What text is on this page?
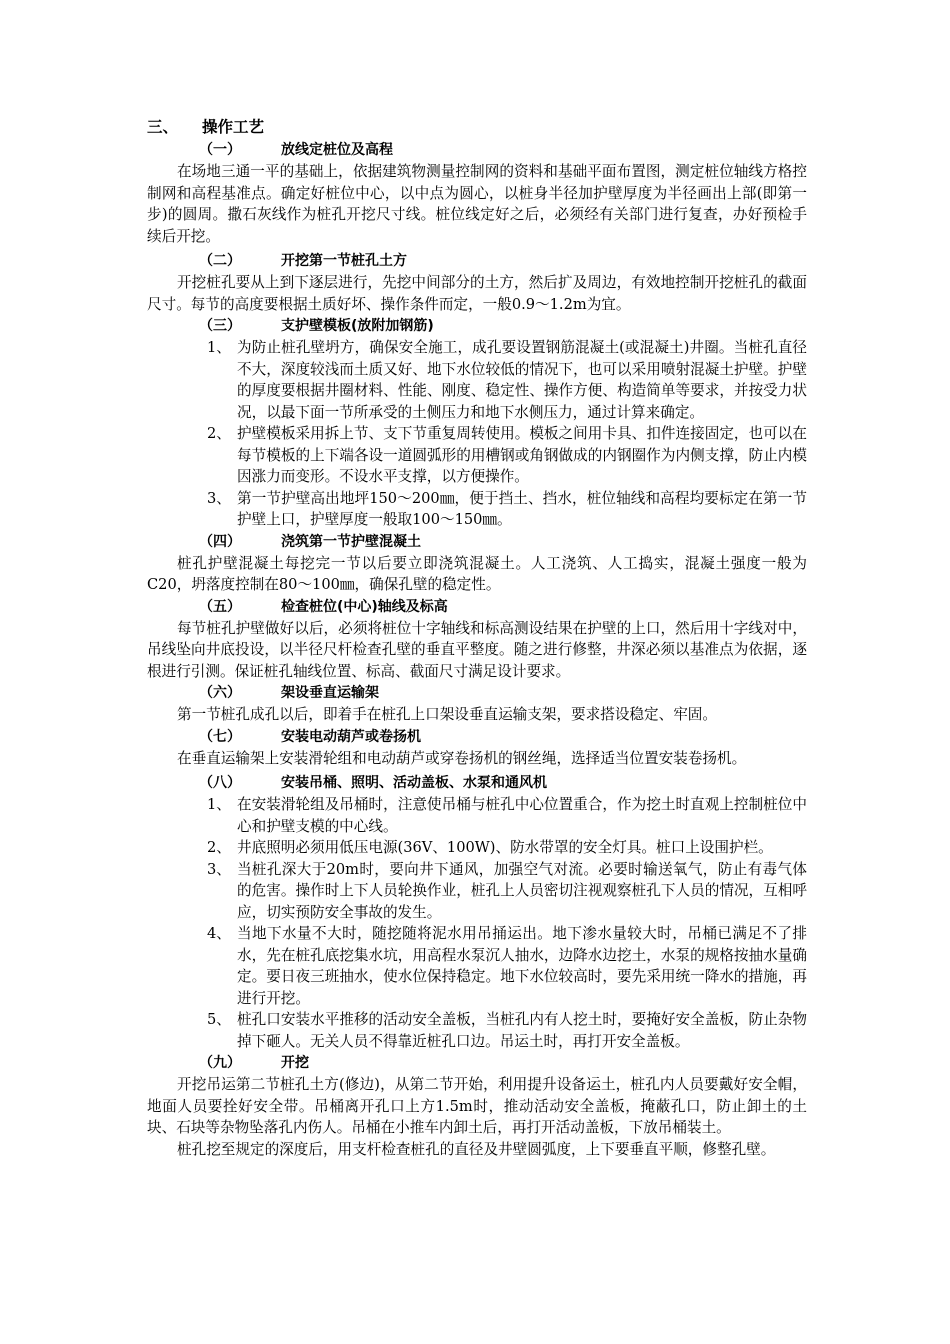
三、 操作工艺
（一）	放线定桩位及高程

在场地三通一平的基础上，依据建筑物测量控制网的资料和基础平面布置图，测定桩位轴线方格控制网和高程基准点。确定好桩位中心，以中点为圆心，以桩身半径加护壁厚度为半径画出上部(即第一步)的圆周。撒石灰线作为桩孔开挖尺寸线。桩位线定好之后，必须经有关部门进行复查，办好预检手续后开挖。

（二）	开挖第一节桩孔土方

开挖桩孔要从上到下逐层进行，先挖中间部分的土方，然后扩及周边，有效地控制开挖桩孔的截面尺寸。每节的高度要根据土质好坏、操作条件而定，一般0.9～1.2m为宜。

（三）	支护壁模板(放附加钢筋)
1、 为防止桩孔壁坍方，确保安全施工，成孔要设置钢筋混凝土(或混凝土)井圈。当桩孔直径不大，深度较浅而土质又好、地下水位较低的情况下，也可以采用喷射混凝土护壁。护壁的厚度要根据井圈材料、性能、刚度、稳定性、操作方便、构造简单等要求，并按受力状况，以最下面一节所承受的土侧压力和地下水侧压力，通过计算来确定。
2、 护壁模板采用拆上节、支下节重复周转使用。模板之间用卡具、扣件连接固定，也可以在每节模板的上下端各设一道圆弧形的用槽钢或角钢做成的内钢圈作为内侧支撑，防止内模因涨力而变形。不设水平支撑，以方便操作。
3、 第一节护壁高出地坪150～200㎜，便于挡土、挡水，桩位轴线和高程均要标定在第一节护壁上口，护壁厚度一般取100～150㎜。
（四）	浇筑第一节护壁混凝土

桩孔护壁混凝土每挖完一节以后要立即浇筑混凝土。人工浇筑、人工捣实，混凝土强度一般为C20，坍落度控制在80～100㎜，确保孔壁的稳定性。

（五）	检查桩位(中心)轴线及标高

每节桩孔护壁做好以后，必须将桩位十字轴线和标高测设结果在护壁的上口，然后用十字线对中，吊线坠向井底投设，以半径尺杆检查孔壁的垂直平整度。随之进行修整，井深必须以基准点为依据，逐根进行引测。保证桩孔轴线位置、标高、截面尺寸满足设计要求。

（六）	架设垂直运输架

第一节桩孔成孔以后，即着手在桩孔上口架设垂直运输支架，要求搭设稳定、牢固。

（七）	安装电动葫芦或卷扬机

在垂直运输架上安装滑轮组和电动葫芦或穿卷扬机的钢丝绳，选择适当位置安装卷扬机。

（八）	安装吊桶、照明、活动盖板、水泵和通风机
1、 在安装滑轮组及吊桶时，注意使吊桶与桩孔中心位置重合，作为挖土时直观上控制桩位中心和护壁支模的中心线。
2、 井底照明必须用低压电源(36Ⅴ、100W)、防水带罩的安全灯具。桩口上设围护栏。
3、 当桩孔深大于20m时，要向井下通风，加强空气对流。必要时输送氧气，防止有毒气体的危害。操作时上下人员轮换作业，桩孔上人员密切注视观察桩孔下人员的情况，互相呼应，切实预防安全事故的发生。
4、 当地下水量不大时，随挖随将泥水用吊捅运出。地下渗水量较大时，吊桶已满足不了排水，先在桩孔底挖集水坑，用高程水泵沉人抽水，边降水边挖土，水泵的规格按抽水量确定。要日夜三班抽水，使水位保持稳定。地下水位较高时，要先采用统一降水的措施，再进行开挖。
5、 桩孔口安装水平推移的活动安全盖板，当桩孔内有人挖土时，要掩好安全盖板，防止杂物掉下砸人。无关人员不得靠近桩孔口边。吊运土时，再打开安全盖板。
（九）	开挖

开挖吊运第二节桩孔土方(修边)，从第二节开始，利用提升设备运土，桩孔内人员要戴好安全帽，地面人员要拴好安全带。吊桶离开孔口上方1.5m时，推动活动安全盖板，掩蔽孔口，防止卸土的土块、石块等杂物坠落孔内伤人。吊桶在小推车内卸土后，再打开活动盖板，下放吊桶装土。

桩孔挖至规定的深度后，用支杆检查桩孔的直径及井壁圆弧度，上下要垂直平顺，修整孔壁。
